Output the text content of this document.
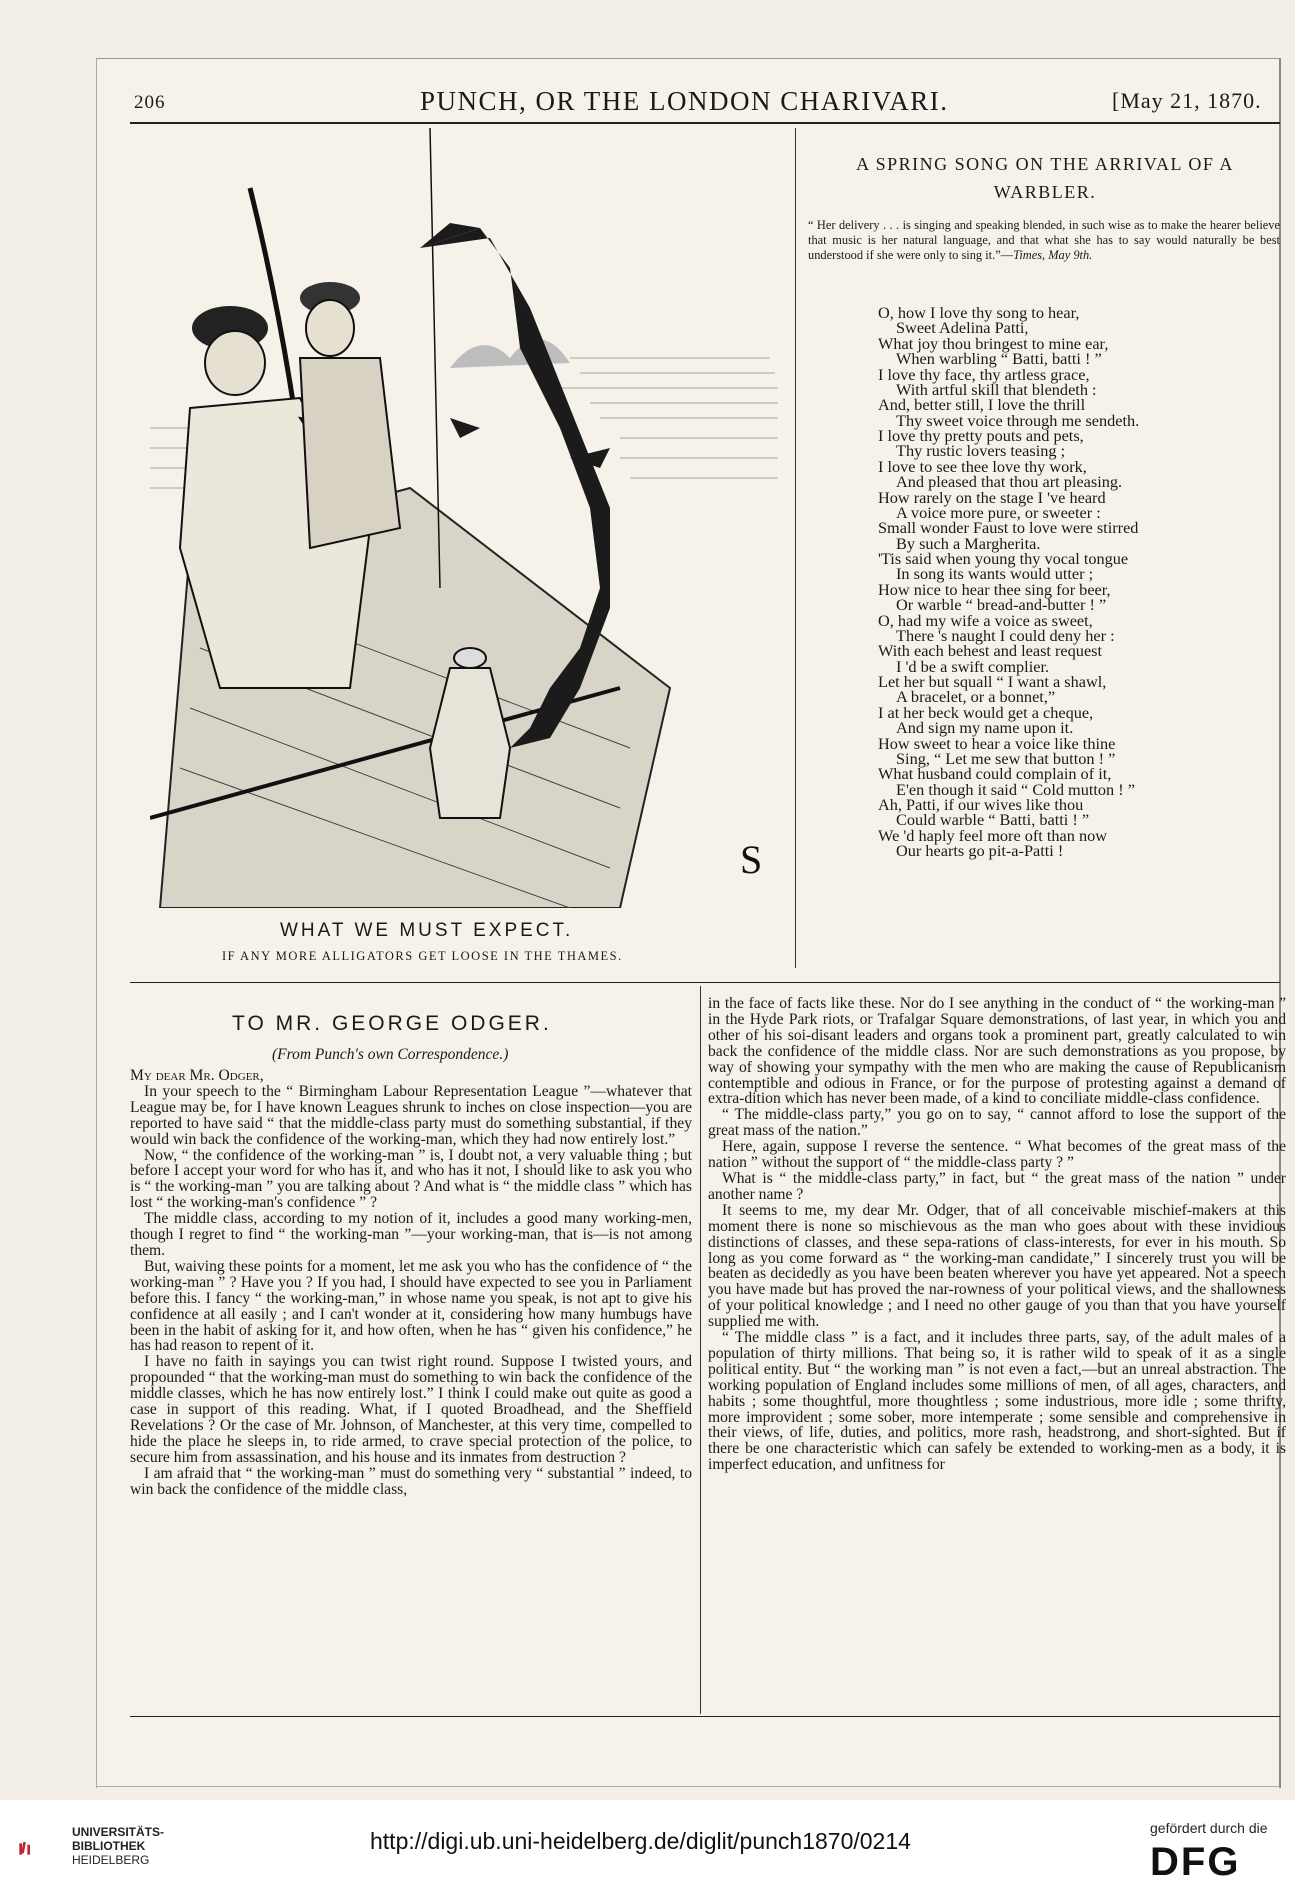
206	PUNCH, OR THE LONDON CHARIVARI.	[May 21, 1870.
S
WHAT WE MUST EXPECT.
IF ANY MORE ALLIGATORS GET LOOSE IN THE THAMES.
A SPRING SONG ON THE ARRIVAL OF A
WARBLER.
“ Her delivery . . . is singing and speaking blended, in such wise as to make the hearer believe that music is her natural language, and that what she has to say would naturally be best understood if she were only to sing it.”—Times, May 9th.
O, how I love thy song to hear,
Sweet Adelina Patti,
What joy thou bringest to mine ear,
When warbling “ Batti, batti ! ”
I love thy face, thy artless grace,
With artful skill that blendeth :
And, better still, I love the thrill
Thy sweet voice through me sendeth.
I love thy pretty pouts and pets,
Thy rustic lovers teasing ;
I love to see thee love thy work,
And pleased that thou art pleasing.
How rarely on the stage I 've heard
A voice more pure, or sweeter :
Small wonder Faust to love were stirred
By such a Margherita.
'Tis said when young thy vocal tongue
In song its wants would utter ;
How nice to hear thee sing for beer,
Or warble “ bread-and-butter ! ”
O, had my wife a voice as sweet,
There 's naught I could deny her :
With each behest and least request
I 'd be a swift complier.
Let her but squall “ I want a shawl,
A bracelet, or a bonnet,”
I at her beck would get a cheque,
And sign my name upon it.
How sweet to hear a voice like thine
Sing, “ Let me sew that button ! ”
What husband could complain of it,
E'en though it said “ Cold mutton ! ”
Ah, Patti, if our wives like thou
Could warble “ Batti, batti ! ”
We 'd haply feel more oft than now
Our hearts go pit-a-Patti !
TO MR. GEORGE ODGER.
(From Punch's own Correspondence.)

My dear Mr. Odger,

In your speech to the “ Birmingham Labour Representation League ”—whatever that League may be, for I have known Leagues shrunk to inches on close inspection—you are reported to have said “ that the middle-class party must do something substantial, if they would win back the confidence of the working-man, which they had now entirely lost.”

Now, “ the confidence of the working-man ” is, I doubt not, a very valuable thing ; but before I accept your word for who has it, and who has it not, I should like to ask you who is “ the working-man ” you are talking about ? And what is “ the middle class ” which has lost “ the working-man's confidence ” ?

The middle class, according to my notion of it, includes a good many working-men, though I regret to find “ the working-man ”—your working-man, that is—is not among them.

But, waiving these points for a moment, let me ask you who has the confidence of “ the working-man ” ? Have you ? If you had, I should have expected to see you in Parliament before this. I fancy “ the working-man,” in whose name you speak, is not apt to give his confidence at all easily ; and I can't wonder at it, considering how many humbugs have been in the habit of asking for it, and how often, when he has “ given his confidence,” he has had reason to repent of it.

I have no faith in sayings you can twist right round. Suppose I twisted yours, and propounded “ that the working-man must do something to win back the confidence of the middle classes, which he has now entirely lost.” I think I could make out quite as good a case in support of this reading. What, if I quoted Broadhead, and the Sheffield Revelations ? Or the case of Mr. Johnson, of Manchester, at this very time, compelled to hide the place he sleeps in, to ride armed, to crave special protection of the police, to secure him from assassination, and his house and its inmates from destruction ?

I am afraid that “ the working-man ” must do something very “ substantial ” indeed, to win back the confidence of the middle class,

in the face of facts like these. Nor do I see anything in the conduct of “ the working-man ” in the Hyde Park riots, or Trafalgar Square demonstrations, of last year, in which you and other of his soi-disant leaders and organs took a prominent part, greatly calculated to win back the confidence of the middle class. Nor are such demonstrations as you propose, by way of showing your sympathy with the men who are making the cause of Republicanism contemptible and odious in France, or for the purpose of protesting against a demand of extra-dition which has never been made, of a kind to conciliate middle-class confidence.

“ The middle-class party,” you go on to say, “ cannot afford to lose the support of the great mass of the nation.”

Here, again, suppose I reverse the sentence. “ What becomes of the great mass of the nation ” without the support of “ the middle-class party ? ”

What is “ the middle-class party,” in fact, but “ the great mass of the nation ” under another name ?

It seems to me, my dear Mr. Odger, that of all conceivable mischief-makers at this moment there is none so mischievous as the man who goes about with these invidious distinctions of classes, and these sepa-rations of class-interests, for ever in his mouth. So long as you come forward as “ the working-man candidate,” I sincerely trust you will be beaten as decidedly as you have been beaten wherever you have yet appeared. Not a speech you have made but has proved the nar-rowness of your political views, and the shallowness of your political knowledge ; and I need no other gauge of you than that you have yourself supplied me with.

“ The middle class ” is a fact, and it includes three parts, say, of the adult males of a population of thirty millions. That being so, it is rather wild to speak of it as a single political entity. But “ the working man ” is not even a fact,—but an unreal abstraction. The working population of England includes some millions of men, of all ages, characters, and habits ; some thoughtful, more thoughtless ; some industrious, more idle ; some thrifty, more improvident ; some sober, more intemperate ; some sensible and comprehensive in their views, of life, duties, and politics, more rash, headstrong, and short-sighted. But if there be one characteristic which can safely be extended to working-men as a body, it is imperfect education, and unfitness for

UNIVERSITÄTS-
BIBLIOTHEK
HEIDELBERG
http://digi.ub.uni-heidelberg.de/diglit/punch1870/0214	gefördert durch die
DFG
